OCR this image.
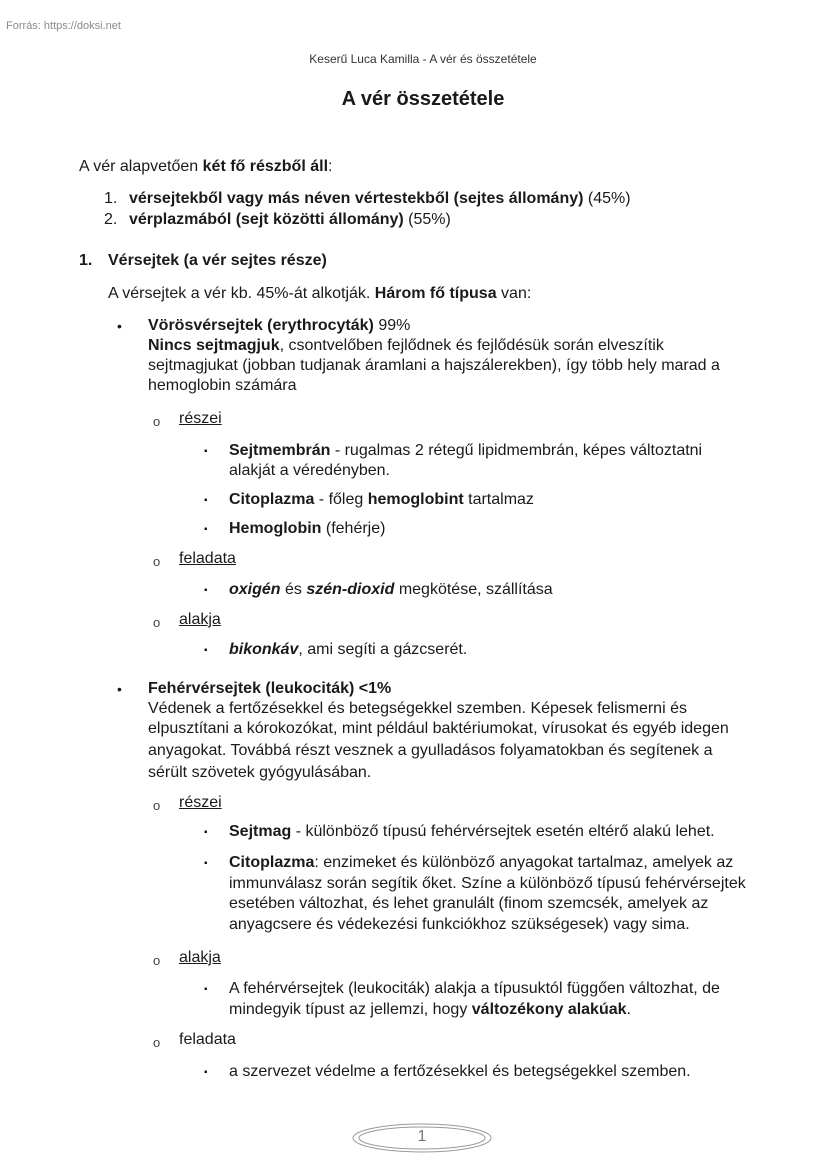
Forrás: https://doksi.net
Keserű Luca Kamilla - A vér és összetétele
A vér összetétele
A vér alapvetően két fő részből áll:
1. vérsejtekből vagy más néven vértestekből (sejtes állomány) (45%)
2. vérplazmából (sejt közötti állomány) (55%)
1. Vérsejtek (a vér sejtes része)
A vérsejtek a vér kb. 45%-át alkotják. Három fő típusa van:
• Vörösvérsejtek (erythrocyták) 99%
Nincs sejtmagjuk, csontvelőben fejlődnek és fejlődésük során elveszítik
sejtmagjukat (jobban tudjanak áramlani a hajszálerekben), így több hely marad a
hemoglobin számára
o részei
▪ Sejtmembrán - rugalmas 2 rétegű lipidmembrán, képes változtatni
alakját a véredényben.
▪ Citoplazma - főleg hemoglobint tartalmaz
▪ Hemoglobin (fehérje)
o feladata
▪ oxigén és szén-dioxid megkötése, szállítása
o alakja
▪ bikonkáv, ami segíti a gázcserét.
• Fehérvérsejtek (leukociták) <1%
Védenek a fertőzésekkel és betegségekkel szemben. Képesek felismerni és
elpusztítani a kórokozókat, mint például baktériumokat, vírusokat és egyéb idegen
anyagokat. Továbbá részt vesznek a gyulladásos folyamatokban és segítenek a
sérült szövetek gyógyulásában.
o részei
▪ Sejtmag - különböző típusú fehérvérsejtek esetén eltérő alakú lehet.
▪ Citoplazma: enzimeket és különböző anyagokat tartalmaz, amelyek az
immunválasz során segítik őket. Színe a különböző típusú fehérvérsejtek
esetében változhat, és lehet granulált (finom szemcsék, amelyek az
anyagcsere és védekezési funkciókhoz szükségesek) vagy sima.
o alakja
▪ A fehérvérsejtek (leukociták) alakja a típusuktól függően változhat, de
mindegyik típust az jellemzi, hogy változékony alakúak.
o feladata
▪ a szervezet védelme a fertőzésekkel és betegségekkel szemben.
1
